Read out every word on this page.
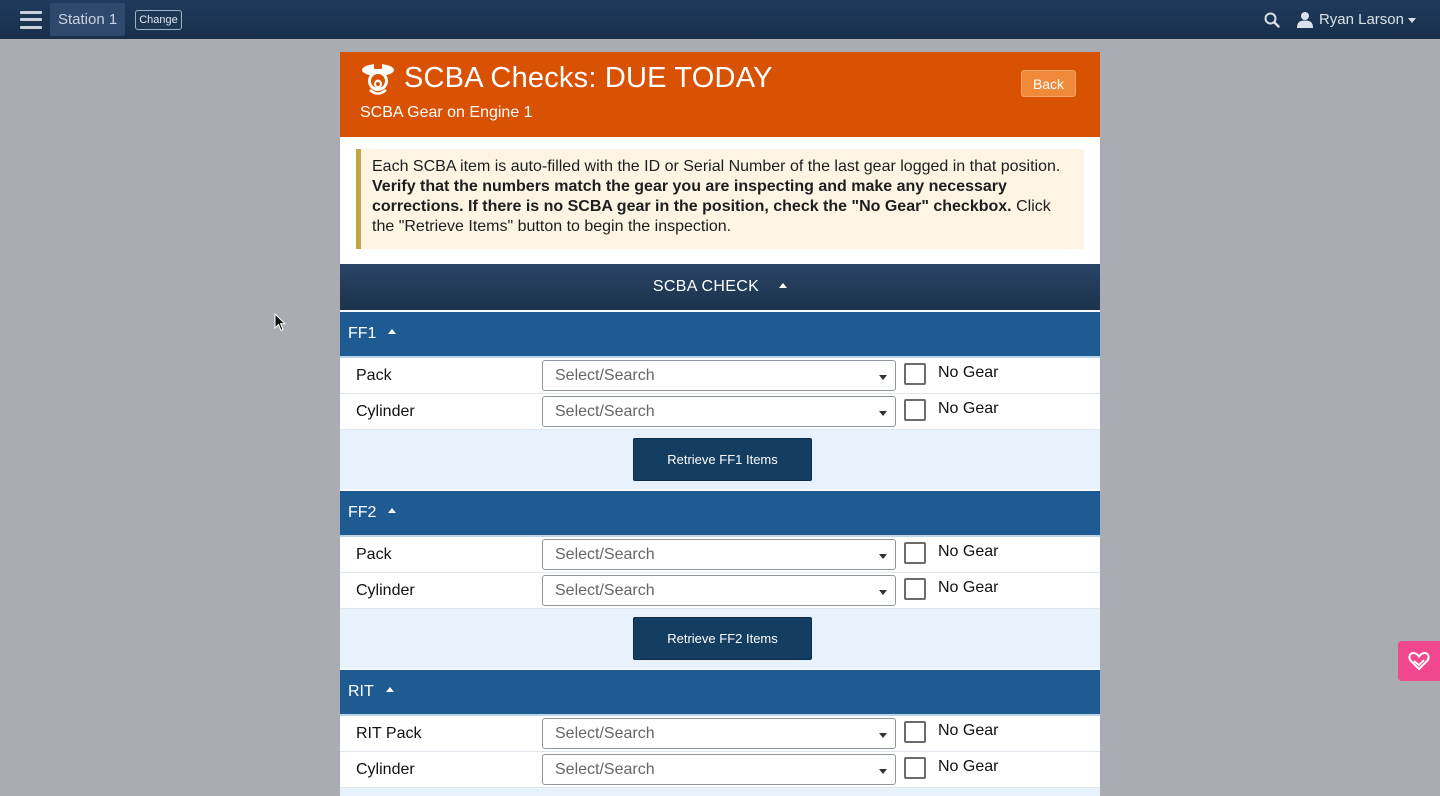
Station 1	Change	Ryan Larson
SCBA Checks: DUE TODAY
SCBA Gear on Engine 1
Back
Each SCBA item is auto-filled with the ID or Serial Number of the last gear logged in that position. Verify that the numbers match the gear you are inspecting and make any necessary corrections. If there is no SCBA gear in the position, check the "No Gear" checkbox. Click the "Retrieve Items" button to begin the inspection.
SCBA CHECK
FF1
Pack	Select/Search	No Gear
Cylinder	Select/Search	No Gear
Retrieve FF1 Items
FF2
Pack	Select/Search	No Gear
Cylinder	Select/Search	No Gear
Retrieve FF2 Items
RIT
RIT Pack	Select/Search	No Gear
Cylinder	Select/Search	No Gear
